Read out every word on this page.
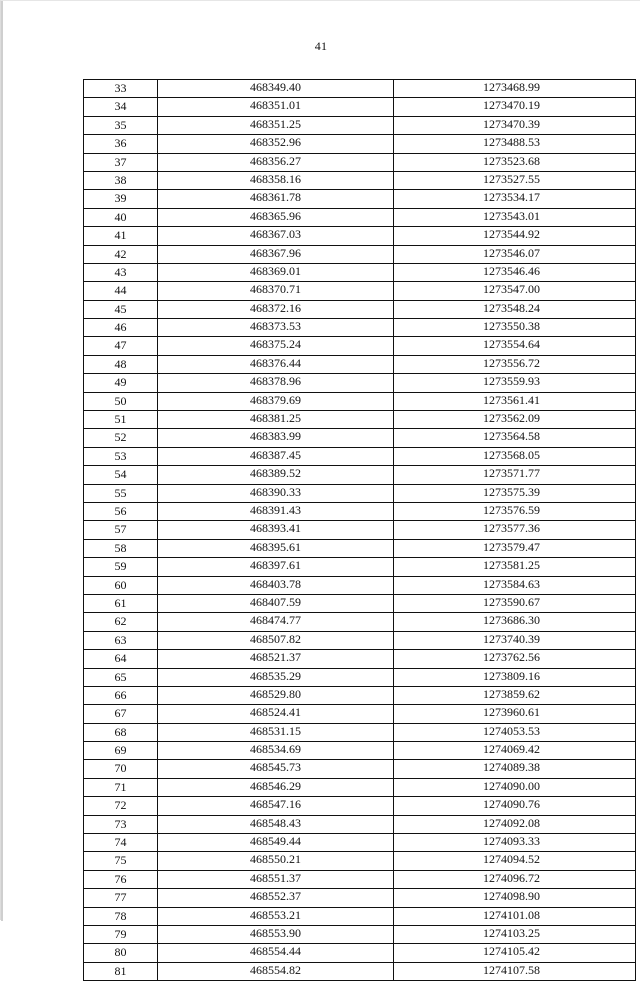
41
33	468349.40	1273468.99
34	468351.01	1273470.19
35	468351.25	1273470.39
36	468352.96	1273488.53
37	468356.27	1273523.68
38	468358.16	1273527.55
39	468361.78	1273534.17
40	468365.96	1273543.01
41	468367.03	1273544.92
42	468367.96	1273546.07
43	468369.01	1273546.46
44	468370.71	1273547.00
45	468372.16	1273548.24
46	468373.53	1273550.38
47	468375.24	1273554.64
48	468376.44	1273556.72
49	468378.96	1273559.93
50	468379.69	1273561.41
51	468381.25	1273562.09
52	468383.99	1273564.58
53	468387.45	1273568.05
54	468389.52	1273571.77
55	468390.33	1273575.39
56	468391.43	1273576.59
57	468393.41	1273577.36
58	468395.61	1273579.47
59	468397.61	1273581.25
60	468403.78	1273584.63
61	468407.59	1273590.67
62	468474.77	1273686.30
63	468507.82	1273740.39
64	468521.37	1273762.56
65	468535.29	1273809.16
66	468529.80	1273859.62
67	468524.41	1273960.61
68	468531.15	1274053.53
69	468534.69	1274069.42
70	468545.73	1274089.38
71	468546.29	1274090.00
72	468547.16	1274090.76
73	468548.43	1274092.08
74	468549.44	1274093.33
75	468550.21	1274094.52
76	468551.37	1274096.72
77	468552.37	1274098.90
78	468553.21	1274101.08
79	468553.90	1274103.25
80	468554.44	1274105.42
81	468554.82	1274107.58
